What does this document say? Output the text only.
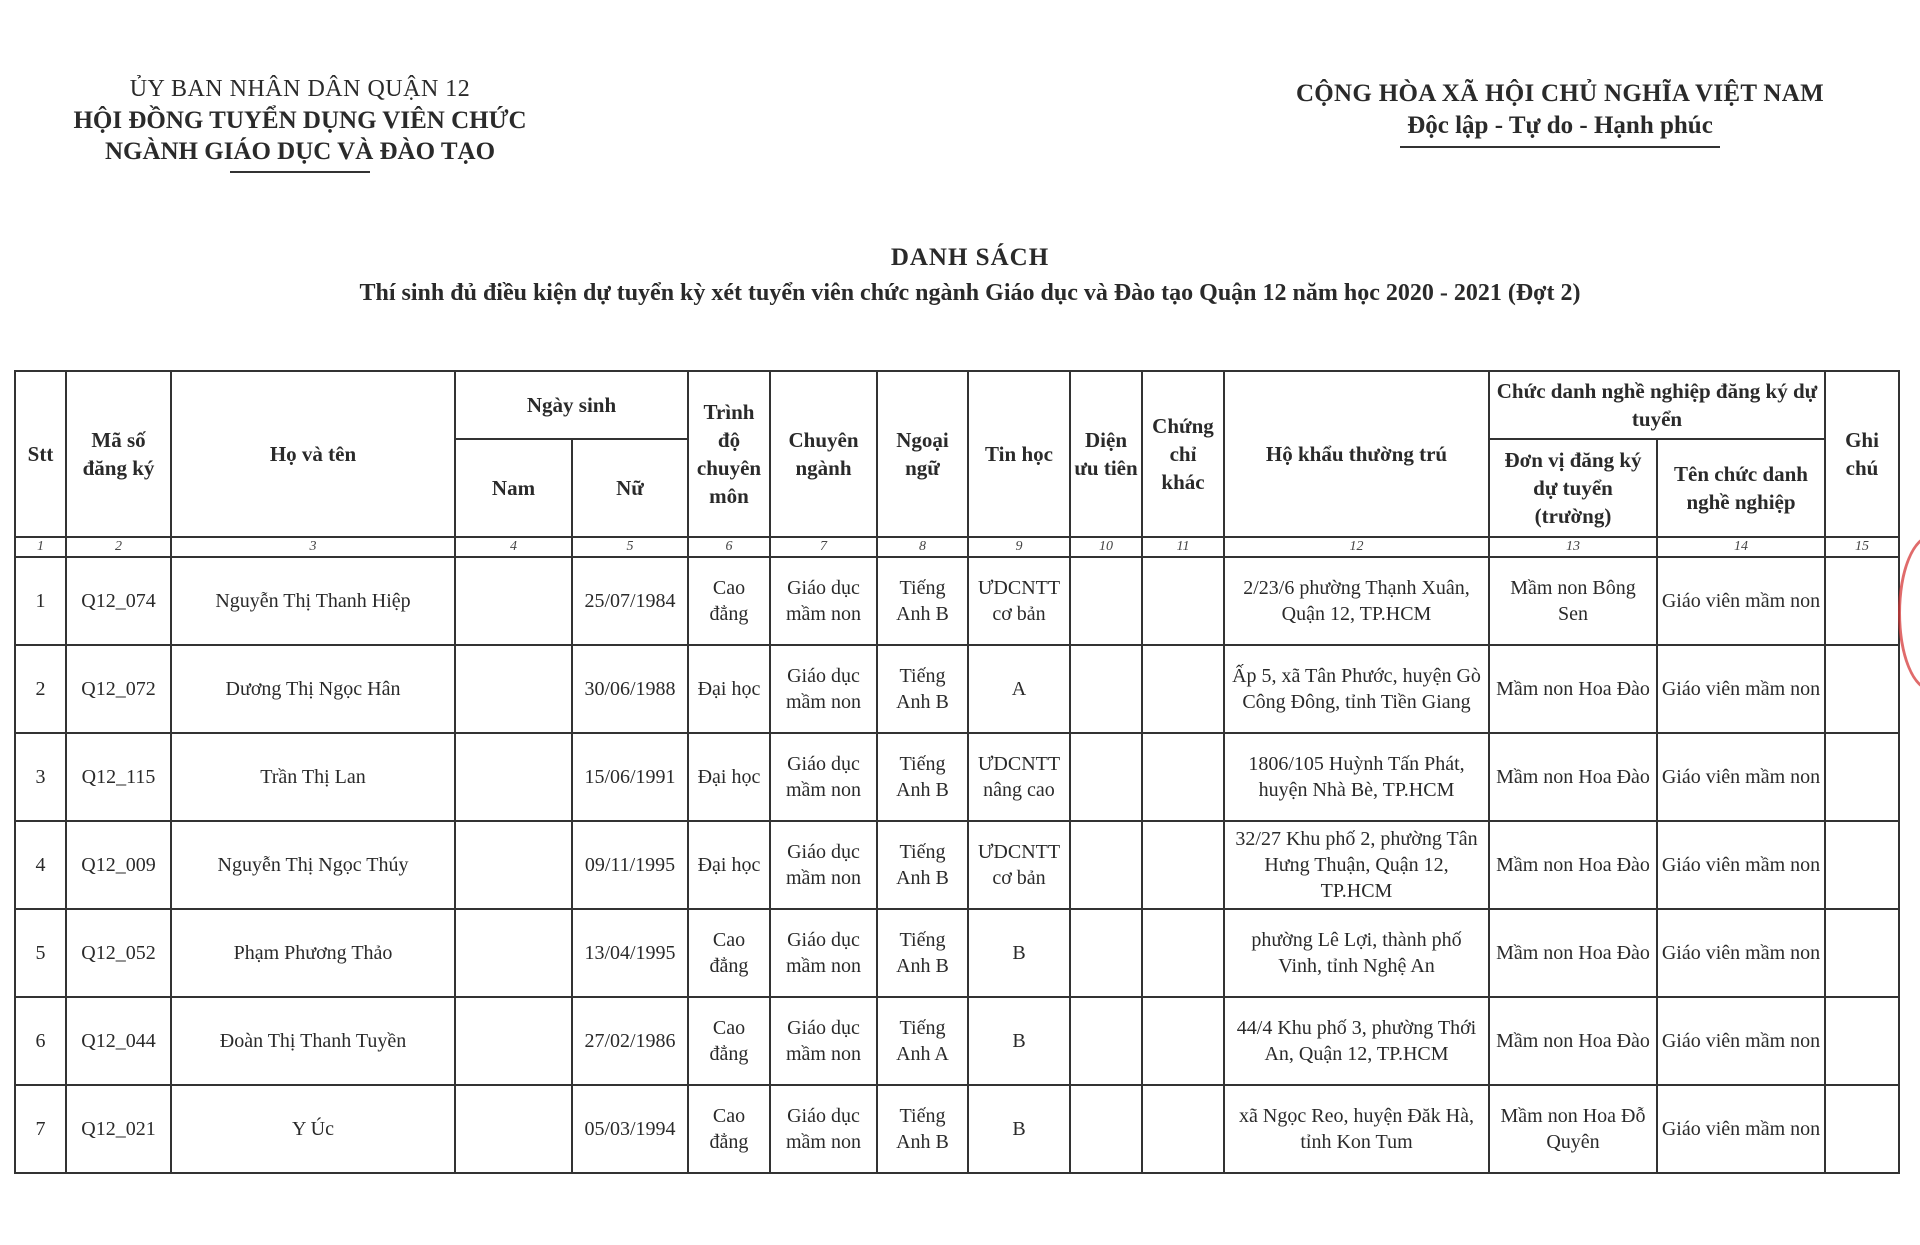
ỦY BAN NHÂN DÂN QUẬN 12
HỘI ĐỒNG TUYỂN DỤNG VIÊN CHỨC
NGÀNH GIÁO DỤC VÀ ĐÀO TẠO
CỘNG HÒA XÃ HỘI CHỦ NGHĨA VIỆT NAM
Độc lập - Tự do - Hạnh phúc
DANH SÁCH
Thí sinh đủ điều kiện dự tuyển kỳ xét tuyển viên chức ngành Giáo dục và Đào tạo Quận 12 năm học 2020 - 2021 (Đợt 2)
Stt	Mã số đăng ký	Họ và tên	Ngày sinh		Trình độ chuyên môn	Chuyên ngành	Ngoại ngữ	Tin học	Diện ưu tiên	Chứng chỉ khác	Hộ khẩu thường trú	Chức danh nghề nghiệp đăng ký dự tuyển		Ghi chú
			Nam	Nữ								Đơn vị đăng ký dự tuyển (trường)	Tên chức danh nghề nghiệp	
1	2	3	4	5	6	7	8	9	10	11	12	13	14	15
1	Q12_074	Nguyễn Thị Thanh Hiệp		25/07/1984	Cao đẳng	Giáo dục mầm non	Tiếng Anh B	ƯDCNTT cơ bản			2/23/6 phường Thạnh Xuân, Quận 12, TP.HCM	Mầm non Bông Sen	Giáo viên mầm non	
2	Q12_072	Dương Thị Ngọc Hân		30/06/1988	Đại học	Giáo dục mầm non	Tiếng Anh B	A			Ấp 5, xã Tân Phước, huyện Gò Công Đông, tỉnh Tiền Giang	Mầm non Hoa Đào	Giáo viên mầm non	
3	Q12_115	Trần Thị Lan		15/06/1991	Đại học	Giáo dục mầm non	Tiếng Anh B	ƯDCNTT nâng cao			1806/105 Huỳnh Tấn Phát, huyện Nhà Bè, TP.HCM	Mầm non Hoa Đào	Giáo viên mầm non	
4	Q12_009	Nguyễn Thị Ngọc Thúy		09/11/1995	Đại học	Giáo dục mầm non	Tiếng Anh B	ƯDCNTT cơ bản			32/27 Khu phố 2, phường Tân Hưng Thuận, Quận 12, TP.HCM	Mầm non Hoa Đào	Giáo viên mầm non	
5	Q12_052	Phạm Phương Thảo		13/04/1995	Cao đẳng	Giáo dục mầm non	Tiếng Anh B	B			phường Lê Lợi, thành phố Vinh, tỉnh Nghệ An	Mầm non Hoa Đào	Giáo viên mầm non	
6	Q12_044	Đoàn Thị Thanh Tuyền		27/02/1986	Cao đẳng	Giáo dục mầm non	Tiếng Anh A	B			44/4 Khu phố 3, phường Thới An, Quận 12, TP.HCM	Mầm non Hoa Đào	Giáo viên mầm non	
7	Q12_021	Y Úc		05/03/1994	Cao đẳng	Giáo dục mầm non	Tiếng Anh B	B			xã Ngọc Reo, huyện Đăk Hà, tỉnh Kon Tum	Mầm non Hoa Đỗ Quyên	Giáo viên mầm non	
